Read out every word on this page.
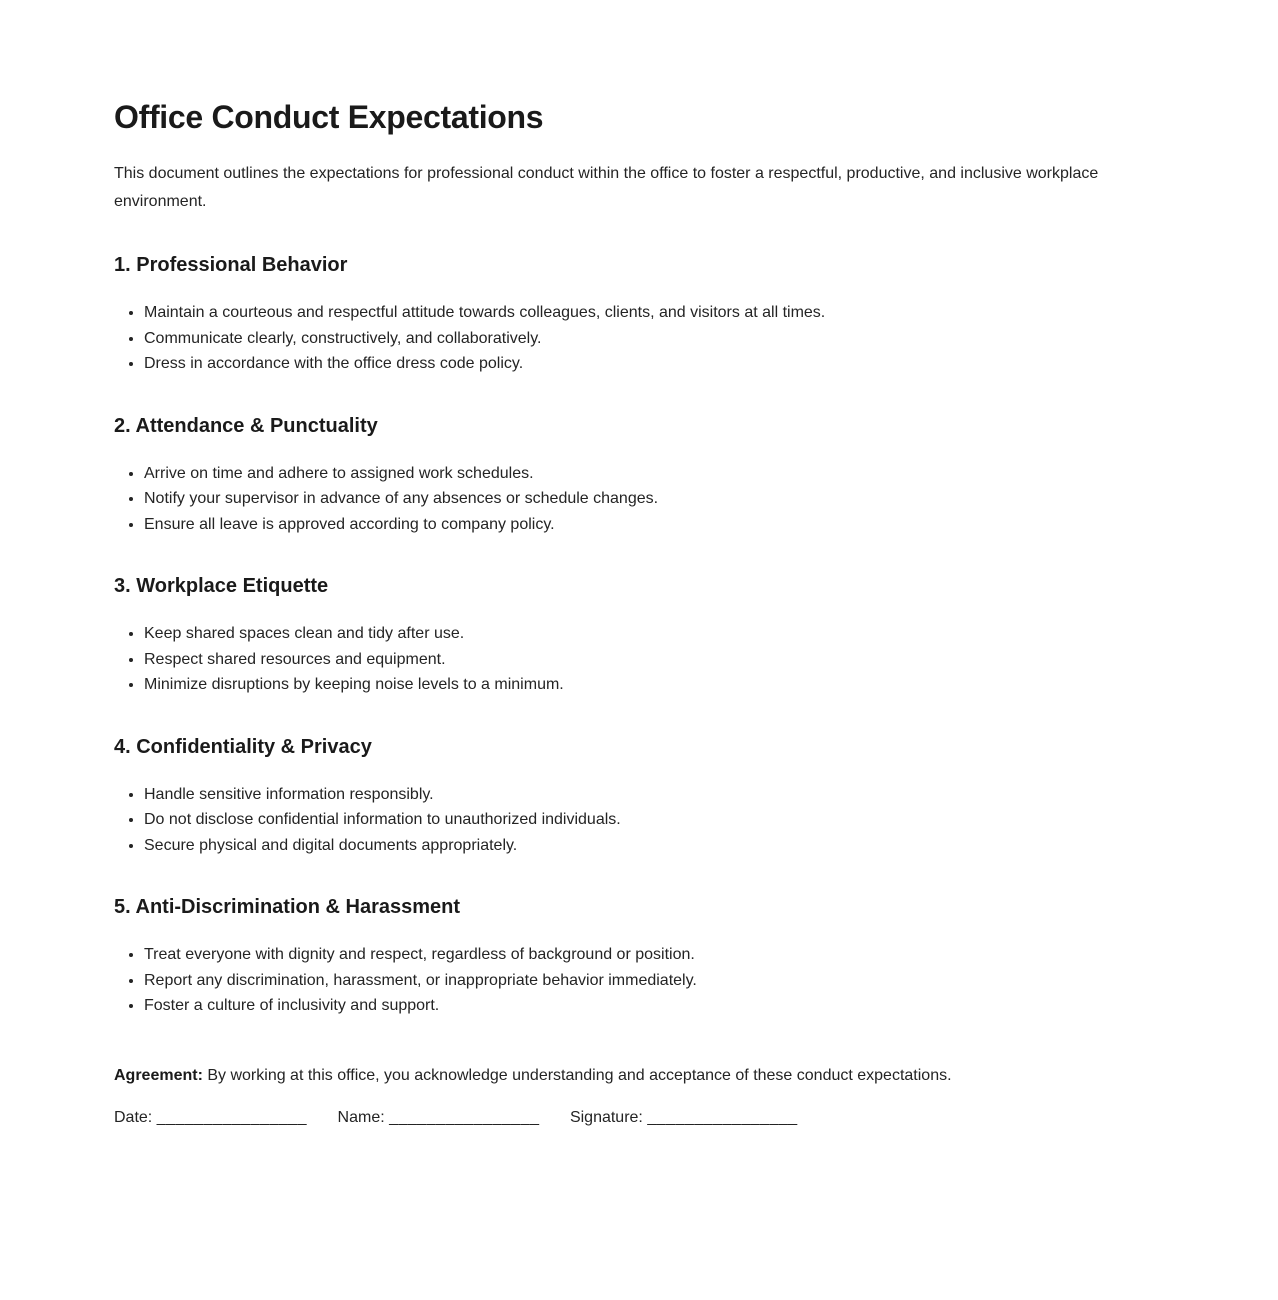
Office Conduct Expectations

This document outlines the expectations for professional conduct within the office to foster a respectful, productive, and inclusive workplace environment.

1. Professional Behavior
• Maintain a courteous and respectful attitude towards colleagues, clients, and visitors at all times.
• Communicate clearly, constructively, and collaboratively.
• Dress in accordance with the office dress code policy.
2. Attendance & Punctuality
• Arrive on time and adhere to assigned work schedules.
• Notify your supervisor in advance of any absences or schedule changes.
• Ensure all leave is approved according to company policy.
3. Workplace Etiquette
• Keep shared spaces clean and tidy after use.
• Respect shared resources and equipment.
• Minimize disruptions by keeping noise levels to a minimum.
4. Confidentiality & Privacy
• Handle sensitive information responsibly.
• Do not disclose confidential information to unauthorized individuals.
• Secure physical and digital documents appropriately.
5. Anti-Discrimination & Harassment
• Treat everyone with dignity and respect, regardless of background or position.
• Report any discrimination, harassment, or inappropriate behavior immediately.
• Foster a culture of inclusivity and support.

Agreement: By working at this office, you acknowledge understanding and acceptance of these conduct expectations.

Date: ________________ Name: ________________ Signature: ________________
